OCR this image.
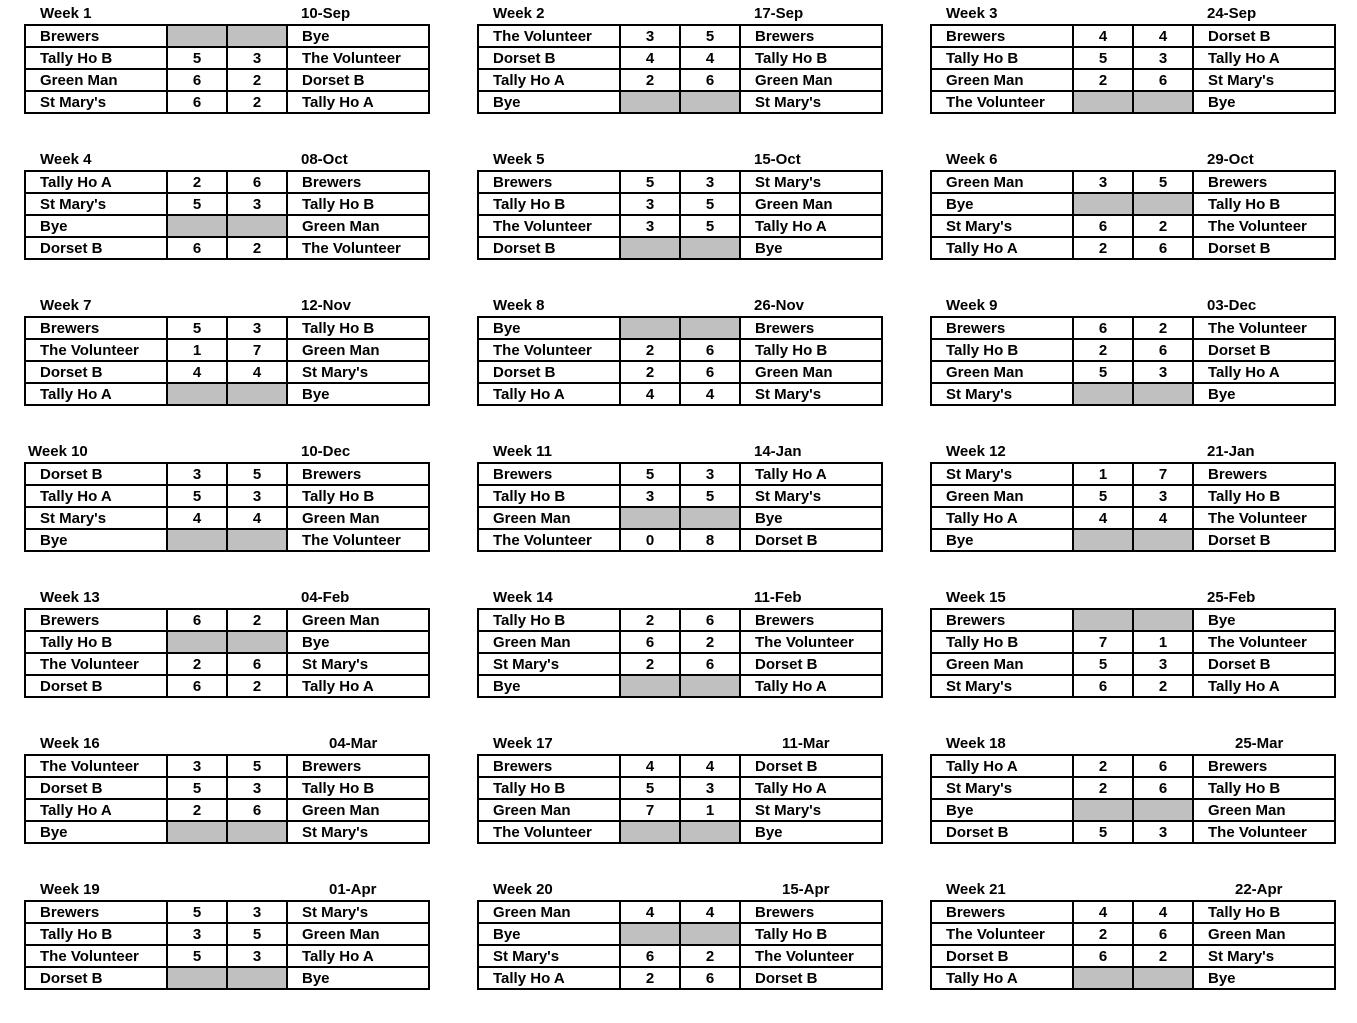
Week 1	10-Sep
Brewers			Bye
Tally Ho B	5	3	The Volunteer
Green Man	6	2	Dorset B
St Mary's	6	2	Tally Ho A
Week 2	17-Sep
The Volunteer	3	5	Brewers
Dorset B	4	4	Tally Ho B
Tally Ho A	2	6	Green Man
Bye			St Mary's
Week 3	24-Sep
Brewers	4	4	Dorset B
Tally Ho B	5	3	Tally Ho A
Green Man	2	6	St Mary's
The Volunteer			Bye
Week 4	08-Oct
Tally Ho A	2	6	Brewers
St Mary's	5	3	Tally Ho B
Bye			Green Man
Dorset B	6	2	The Volunteer
Week 5	15-Oct
Brewers	5	3	St Mary's
Tally Ho B	3	5	Green Man
The Volunteer	3	5	Tally Ho A
Dorset B			Bye
Week 6	29-Oct
Green Man	3	5	Brewers
Bye			Tally Ho B
St Mary's	6	2	The Volunteer
Tally Ho A	2	6	Dorset B
Week 7	12-Nov
Brewers	5	3	Tally Ho B
The Volunteer	1	7	Green Man
Dorset B	4	4	St Mary's
Tally Ho A			Bye
Week 8	26-Nov
Bye			Brewers
The Volunteer	2	6	Tally Ho B
Dorset B	2	6	Green Man
Tally Ho A	4	4	St Mary's
Week 9	03-Dec
Brewers	6	2	The Volunteer
Tally Ho B	2	6	Dorset B
Green Man	5	3	Tally Ho A
St Mary's			Bye
Week 10	10-Dec
Dorset B	3	5	Brewers
Tally Ho A	5	3	Tally Ho B
St Mary's	4	4	Green Man
Bye			The Volunteer
Week 11	14-Jan
Brewers	5	3	Tally Ho A
Tally Ho B	3	5	St Mary's
Green Man			Bye
The Volunteer	0	8	Dorset B
Week 12	21-Jan
St Mary's	1	7	Brewers
Green Man	5	3	Tally Ho B
Tally Ho A	4	4	The Volunteer
Bye			Dorset B
Week 13	04-Feb
Brewers	6	2	Green Man
Tally Ho B			Bye
The Volunteer	2	6	St Mary's
Dorset B	6	2	Tally Ho A
Week 14	11-Feb
Tally Ho B	2	6	Brewers
Green Man	6	2	The Volunteer
St Mary's	2	6	Dorset B
Bye			Tally Ho A
Week 15	25-Feb
Brewers			Bye
Tally Ho B	7	1	The Volunteer
Green Man	5	3	Dorset B
St Mary's	6	2	Tally Ho A
Week 16	04-Mar
The Volunteer	3	5	Brewers
Dorset B	5	3	Tally Ho B
Tally Ho A	2	6	Green Man
Bye			St Mary's
Week 17	11-Mar
Brewers	4	4	Dorset B
Tally Ho B	5	3	Tally Ho A
Green Man	7	1	St Mary's
The Volunteer			Bye
Week 18	25-Mar
Tally Ho A	2	6	Brewers
St Mary's	2	6	Tally Ho B
Bye			Green Man
Dorset B	5	3	The Volunteer
Week 19	01-Apr
Brewers	5	3	St Mary's
Tally Ho B	3	5	Green Man
The Volunteer	5	3	Tally Ho A
Dorset B			Bye
Week 20	15-Apr
Green Man	4	4	Brewers
Bye			Tally Ho B
St Mary's	6	2	The Volunteer
Tally Ho A	2	6	Dorset B
Week 21	22-Apr
Brewers	4	4	Tally Ho B
The Volunteer	2	6	Green Man
Dorset B	6	2	St Mary's
Tally Ho A			Bye
